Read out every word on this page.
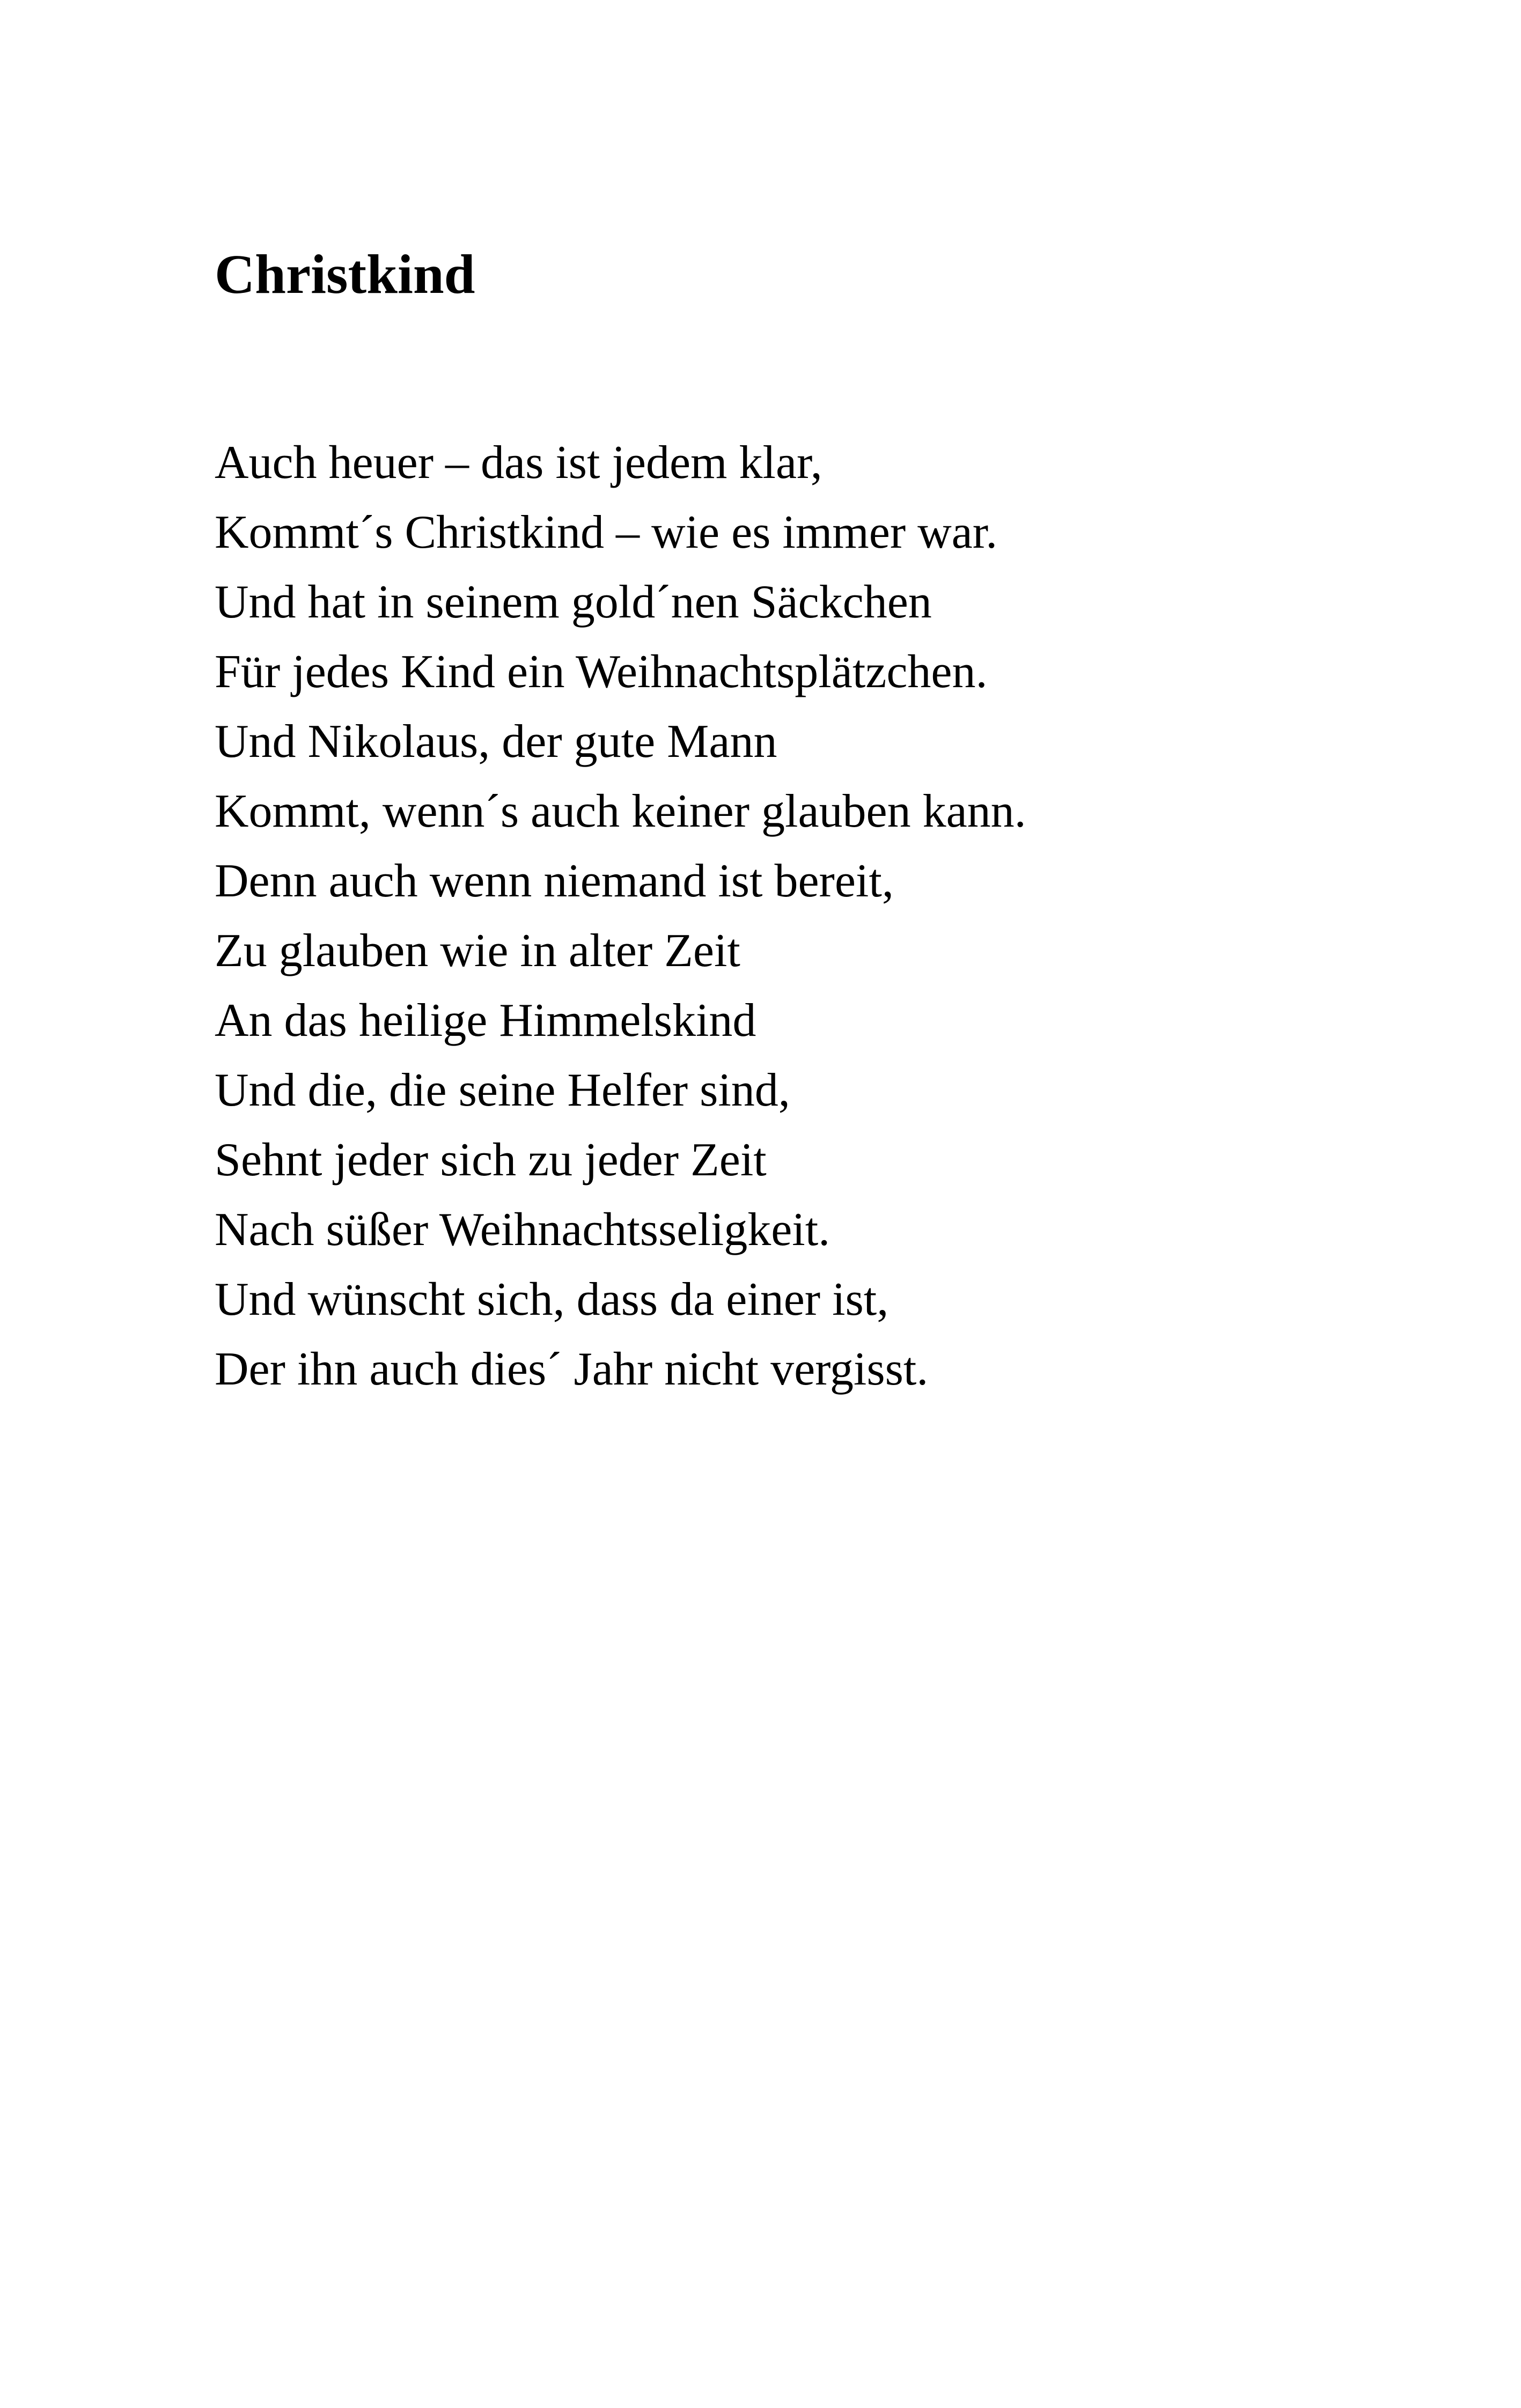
Christkind
Auch heuer – das ist jedem klar,
Kommt´s Christkind – wie es immer war.
Und hat in seinem gold´nen Säckchen
Für jedes Kind ein Weihnachtsplätzchen.
Und Nikolaus, der gute Mann
Kommt, wenn´s auch keiner glauben kann.
Denn auch wenn niemand ist bereit,
Zu glauben wie in alter Zeit
An das heilige Himmelskind
Und die, die seine Helfer sind,
Sehnt jeder sich zu jeder Zeit
Nach süßer Weihnachtsseligkeit.
Und wünscht sich, dass da einer ist,
Der ihn auch dies´ Jahr nicht vergisst.
